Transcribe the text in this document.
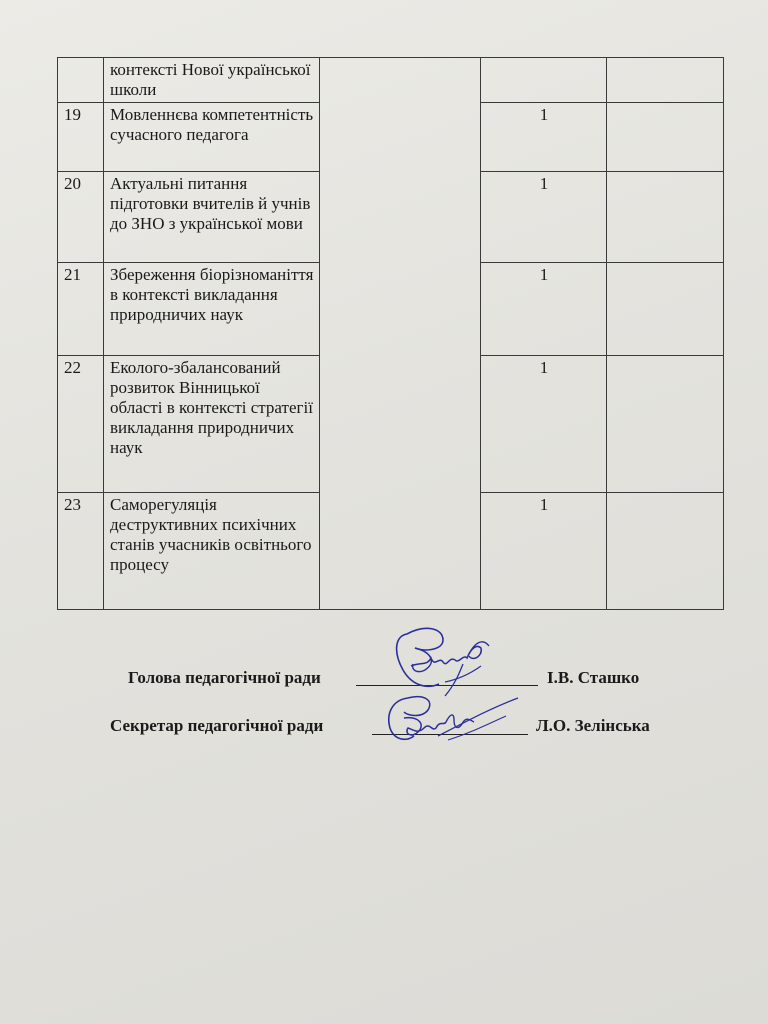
	контексті Нової української школи			
19	Мовленнєва компетентність сучасного педагога		1	
20	Актуальні питання підготовки вчителів й учнів до ЗНО з української мови		1	
21	Збереження біорізноманіття в контексті викладання природничих наук		1	
22	Еколого-збалансований розвиток Вінницької області в контексті стратегії викладання природничих наук		1	
23	Саморегуляція деструктивних психічних станів учасників освітнього процесу		1	
Голова педагогічної ради	І.В. Сташко
Секретар педагогічної ради	Л.О. Зелінська
